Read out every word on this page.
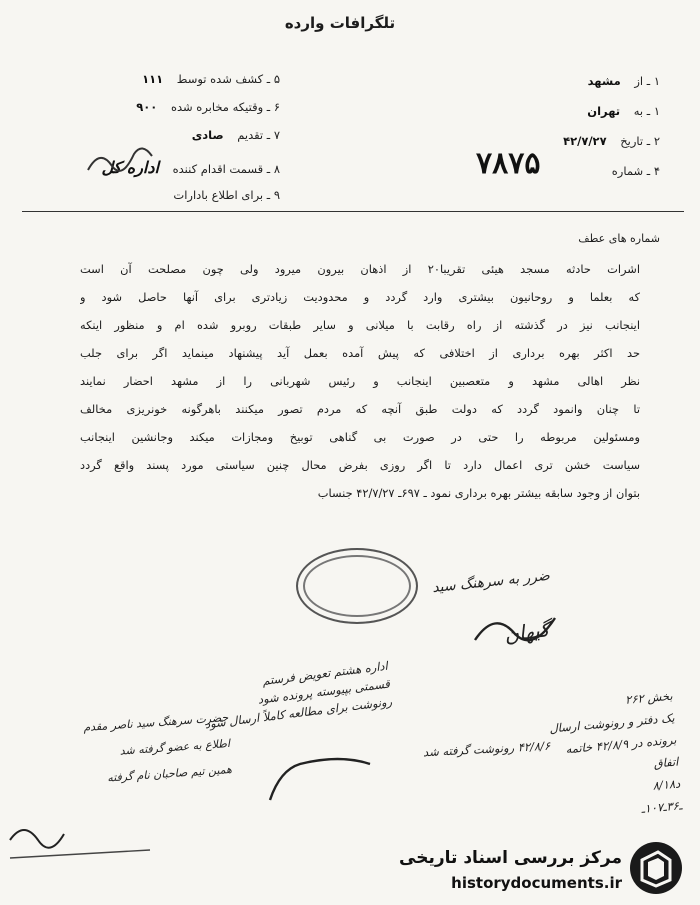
تلگرافات وارده
۱ ـ از مشهد
۱ ـ به تهران
۲ ـ تاریخ ۴۲/۷/۲۷
۴ ـ شماره
۷۸۷۵
۵ ـ کشف شده توسط ۱۱۱
۶ ـ وقتیکه مخابره شده ۹۰۰
۷ ـ تقدیم صادی
۸ ـ قسمت اقدام کننده اداره کل
۹ ـ برای اطلاع بادارات
شماره های عطف
اشرات حادثه مسجد هیئی تقریبا۲۰ از اذهان بیرون میرود ولی چون مصلحت آن است
که بعلما و روحانیون بیشتری وارد گردد و محدودیت زیادتری برای آنها حاصل شود و
اینجانب نیز در گذشته از راه رقابت با میلانی و سایر طبقات روبرو شده ام و منظور اینکه
حد اکثر بهره برداری از اختلافی که پیش آمده بعمل آید پیشنهاد مینماید اگر برای جلب
نظر اهالی مشهد و متعصبین اینجانب و رئیس شهربانی را از مشهد احضار نمایند
تا چنان وانمود گردد که دولت طبق آنچه که مردم تصور میکنند باهرگونه خونریزی مخالف
ومسئولین مربوطه را حتی در صورت بی گناهی توبیخ ومجازات میکند وجانشین اینجانب
سیاست خشن تری اعمال دارد تا اگر روزی بفرض محال چنین سیاستی مورد پسند واقع گردد
بتوان از وجود سابقه بیشتر بهره برداری نمود ـ ۶۹۷ـ ۴۲/۷/۲۷ جنساب
ضرر به سرهنگ سید
گیهان
اداره هشتم تعویض فرستم
قسمتی بپیوسته پرونده شود
رونوشت برای مطالعه کاملاً ارسال شود
۴۲/۸/۶ رونوشت گرفته شد
حضرت سرهنگ سید ناصر مقدم
اطلاع به عضو گرفته شد
همین تیم صاحبان نام گرفته
بخش ۲۶۲
یک دفتر و رونوشت ارسال
برونده در ۴۲/۸/۹ خاتمه
اتفاق
د۸/۱۸
ـ۳۶ـ۱۰۷ـ
مرکز بررسی اسناد تاریخی
historydocuments.ir
